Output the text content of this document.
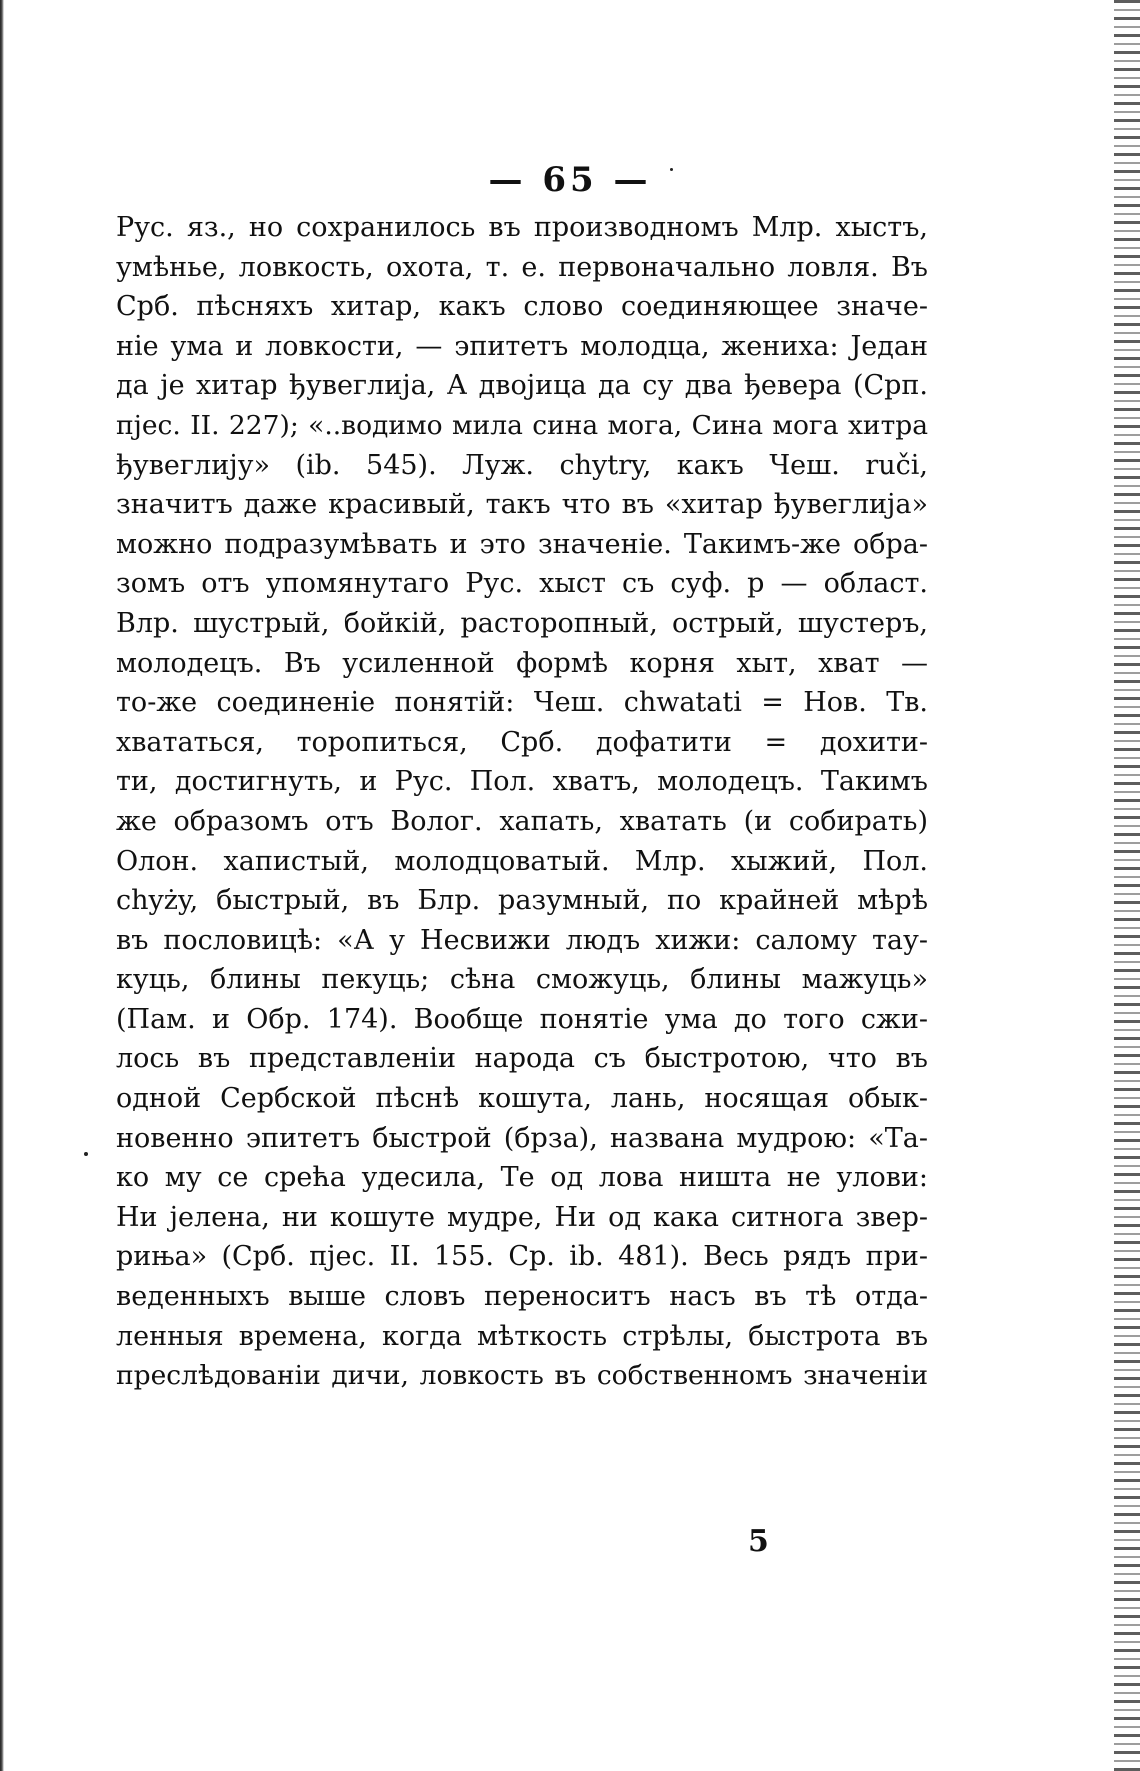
— 65 —
Рус. яз., но сохранилось въ производномъ Млр. хыстъ,
умѣнье, ловкость, охота, т. е. первоначально ловля. Въ
Срб. пѣсняхъ хитар, какъ слово соединяющее значе-
ніе ума и ловкости, — эпитетъ молодца, жениха: Један
да је хитар ђувеглија, А двојица да су два ђевера (Срп.
пјес. II. 227); «..водимо мила сина мога, Сина мога хитра
ђувеглију» (ib. 545). Луж. chytry, какъ Чеш. ruči,
значитъ даже красивый, такъ что въ «хитар ђувеглија»
можно подразумѣвать и это значеніе. Такимъ-же обра-
зомъ отъ упомянутаго Рус. хыст съ суф. р — област.
Влр. шустрый, бойкій, расторопный, острый, шустеръ,
молодецъ. Въ усиленной формѣ корня хыт, хват —
то-же соединеніе понятій: Чеш. chwatati = Нов. Тв.
хвататься, торопиться, Срб. дофатити = дохити-
ти, достигнуть, и Рус. Пол. хватъ, молодецъ. Такимъ
же образомъ отъ Волог. хапать, хватать (и собирать)
Олон. хапистый, молодцоватый. Млр. хыжий, Пол.
chyży, быстрый, въ Блр. разумный, по крайней мѣрѣ
въ пословицѣ: «А у Несвижи людъ хижи: салому тау-
куць, блины пекуць; сѣна сможуць, блины мажуць»
(Пам. и Обр. 174). Вообще понятіе ума до того сжи-
лось въ представленіи народа съ быстротою, что въ
одной Сербской пѣснѣ кошута, лань, носящая обык-
новенно эпитетъ быстрой (брза), названа мудрою: «Та-
ко му се срећа удесила, Те од лова ништа не улови:
Ни јелена, ни кошуте мудре, Ни од кака ситнога звер-
риња» (Срб. пјес. II. 155. Ср. ib. 481). Весь рядъ при-
веденныхъ выше словъ переноситъ насъ въ тѣ отда-
ленныя времена, когда мѣткость стрѣлы, быстрота въ
преслѣдованіи дичи, ловкость въ собственномъ значеніи
5
